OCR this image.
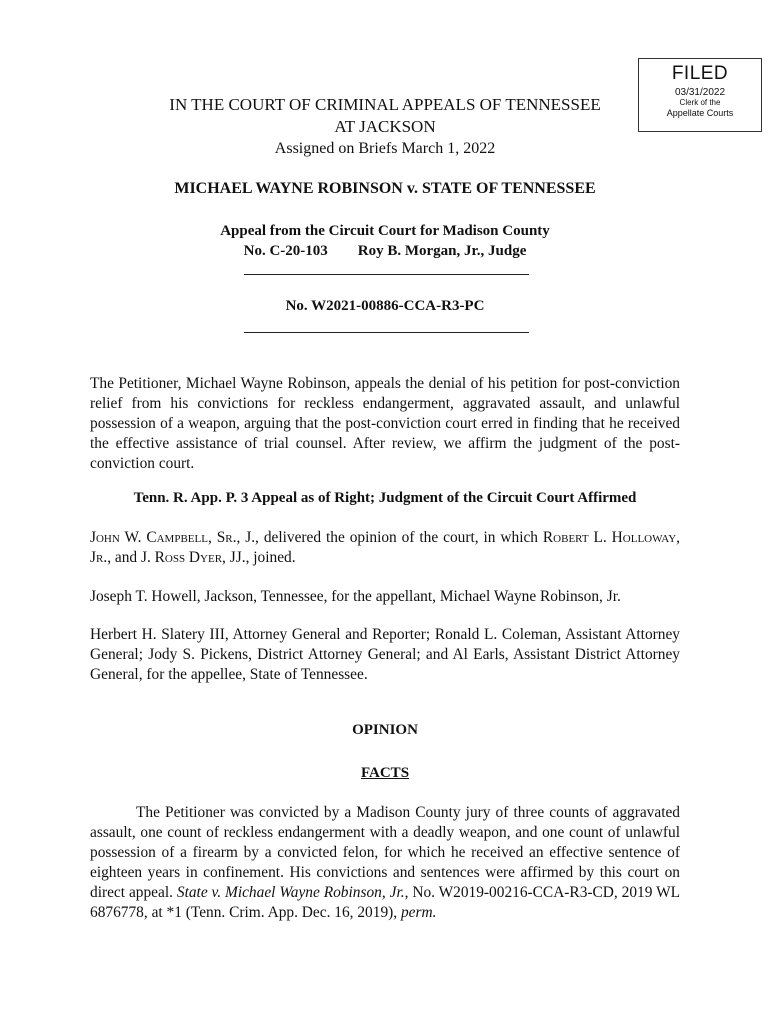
FILED
03/31/2022
Clerk of the
Appellate Courts
IN THE COURT OF CRIMINAL APPEALS OF TENNESSEE
AT JACKSON
Assigned on Briefs March 1, 2022
MICHAEL WAYNE ROBINSON v. STATE OF TENNESSEE
Appeal from the Circuit Court for Madison County
No. C-20-103 Roy B. Morgan, Jr., Judge
No. W2021-00886-CCA-R3-PC

The Petitioner, Michael Wayne Robinson, appeals the denial of his petition for post-conviction relief from his convictions for reckless endangerment, aggravated assault, and unlawful possession of a weapon, arguing that the post-conviction court erred in finding that he received the effective assistance of trial counsel. After review, we affirm the judgment of the post-conviction court.

Tenn. R. App. P. 3 Appeal as of Right; Judgment of the Circuit Court Affirmed

John W. Campbell, Sr., J., delivered the opinion of the court, in which Robert L. Holloway, Jr., and J. Ross Dyer, JJ., joined.

Joseph T. Howell, Jackson, Tennessee, for the appellant, Michael Wayne Robinson, Jr.

Herbert H. Slatery III, Attorney General and Reporter; Ronald L. Coleman, Assistant Attorney General; Jody S. Pickens, District Attorney General; and Al Earls, Assistant District Attorney General, for the appellee, State of Tennessee.

OPINION
FACTS

The Petitioner was convicted by a Madison County jury of three counts of aggravated assault, one count of reckless endangerment with a deadly weapon, and one count of unlawful possession of a firearm by a convicted felon, for which he received an effective sentence of eighteen years in confinement. His convictions and sentences were affirmed by this court on direct appeal. State v. Michael Wayne Robinson, Jr., No. W2019-00216-CCA-R3-CD, 2019 WL 6876778, at *1 (Tenn. Crim. App. Dec. 16, 2019), perm.
